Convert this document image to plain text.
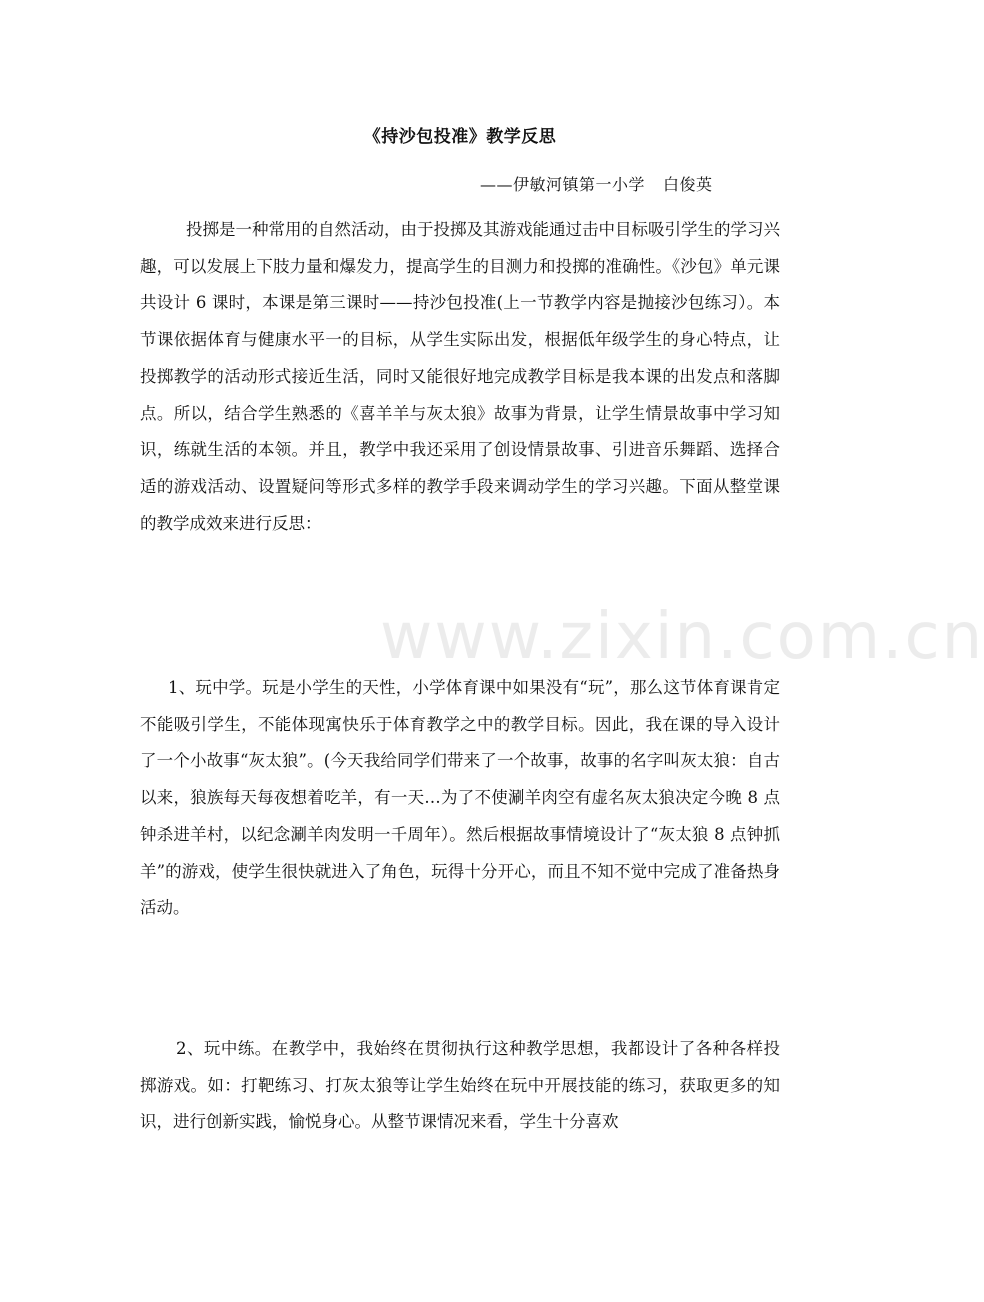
《持沙包投准》教学反思
——伊敏河镇第一小学 白俊英
投掷是一种常用的自然活动，由于投掷及其游戏能通过击中目标吸引学生的学习兴趣，可以发展上下肢力量和爆发力，提高学生的目测力和投掷的准确性。《沙包》单元课共设计 6 课时，本课是第三课时——持沙包投准(上一节教学内容是抛接沙包练习）。本节课依据体育与健康水平一的目标，从学生实际出发，根据低年级学生的身心特点，让投掷教学的活动形式接近生活，同时又能很好地完成教学目标是我本课的出发点和落脚点。所以，结合学生熟悉的《喜羊羊与灰太狼》故事为背景，让学生情景故事中学习知识，练就生活的本领。并且，教学中我还采用了创设情景故事、引进音乐舞蹈、选择合适的游戏活动、设置疑问等形式多样的教学手段来调动学生的学习兴趣。下面从整堂课的教学成效来进行反思：
1、玩中学。玩是小学生的天性，小学体育课中如果没有“玩”，那么这节体育课肯定不能吸引学生，不能体现寓快乐于体育教学之中的教学目标。因此，我在课的导入设计了一个小故事“灰太狼”。(今天我给同学们带来了一个故事，故事的名字叫灰太狼：自古以来，狼族每天每夜想着吃羊，有一天…为了不使涮羊肉空有虚名灰太狼决定今晚 8 点钟杀进羊村，以纪念涮羊肉发明一千周年）。然后根据故事情境设计了“灰太狼 8 点钟抓羊”的游戏，使学生很快就进入了角色，玩得十分开心，而且不知不觉中完成了准备热身活动。
2、玩中练。在教学中，我始终在贯彻执行这种教学思想，我都设计了各种各样投掷游戏。如：打靶练习、打灰太狼等让学生始终在玩中开展技能的练习，获取更多的知识，进行创新实践，愉悦身心。从整节课情况来看，学生十分喜欢
www.zixin.com.cn
